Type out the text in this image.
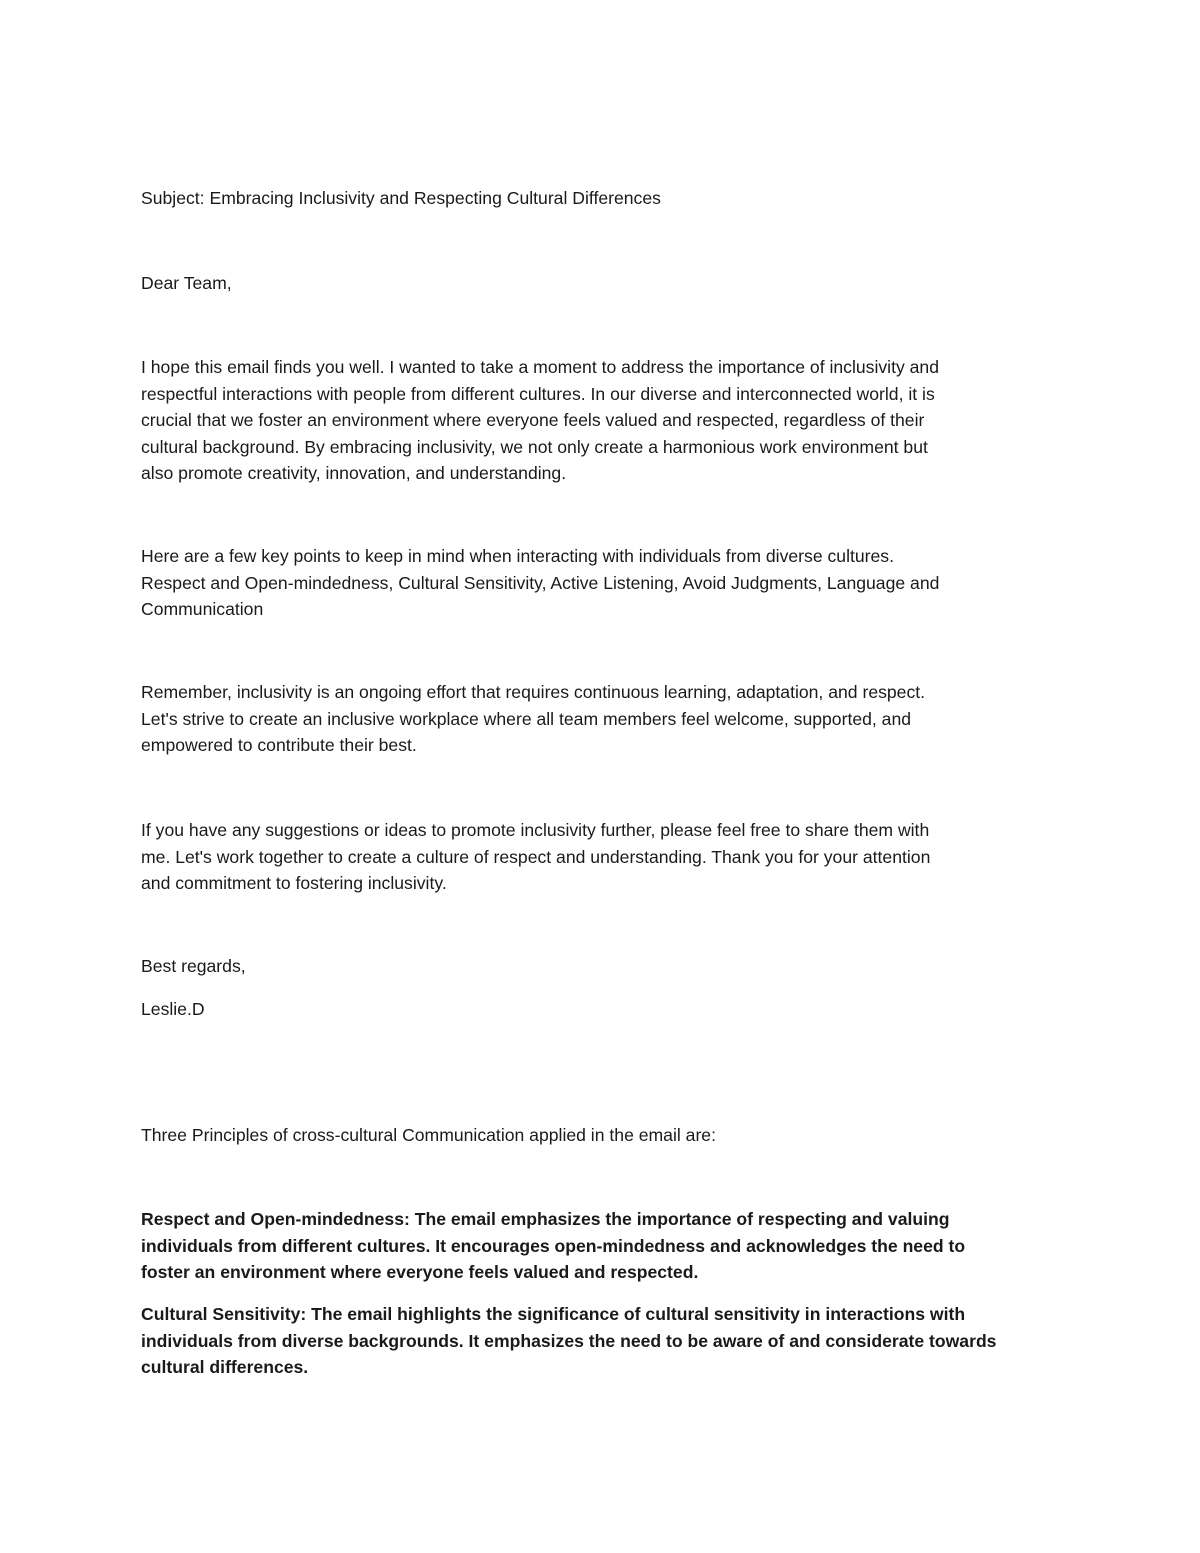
Subject: Embracing Inclusivity and Respecting Cultural Differences

Dear Team,

I hope this email finds you well. I wanted to take a moment to address the importance of inclusivity and
respectful interactions with people from different cultures. In our diverse and interconnected world, it is
crucial that we foster an environment where everyone feels valued and respected, regardless of their
cultural background. By embracing inclusivity, we not only create a harmonious work environment but
also promote creativity, innovation, and understanding.

Here are a few key points to keep in mind when interacting with individuals from diverse cultures.
Respect and Open-mindedness, Cultural Sensitivity, Active Listening, Avoid Judgments, Language and
Communication

Remember, inclusivity is an ongoing effort that requires continuous learning, adaptation, and respect.
Let's strive to create an inclusive workplace where all team members feel welcome, supported, and
empowered to contribute their best.

If you have any suggestions or ideas to promote inclusivity further, please feel free to share them with
me. Let's work together to create a culture of respect and understanding. Thank you for your attention
and commitment to fostering inclusivity.

Best regards,

Leslie.D

Three Principles of cross-cultural Communication applied in the email are:

Respect and Open-mindedness: The email emphasizes the importance of respecting and valuing
individuals from different cultures. It encourages open-mindedness and acknowledges the need to
foster an environment where everyone feels valued and respected.

Cultural Sensitivity: The email highlights the significance of cultural sensitivity in interactions with
individuals from diverse backgrounds. It emphasizes the need to be aware of and considerate towards
cultural differences.
